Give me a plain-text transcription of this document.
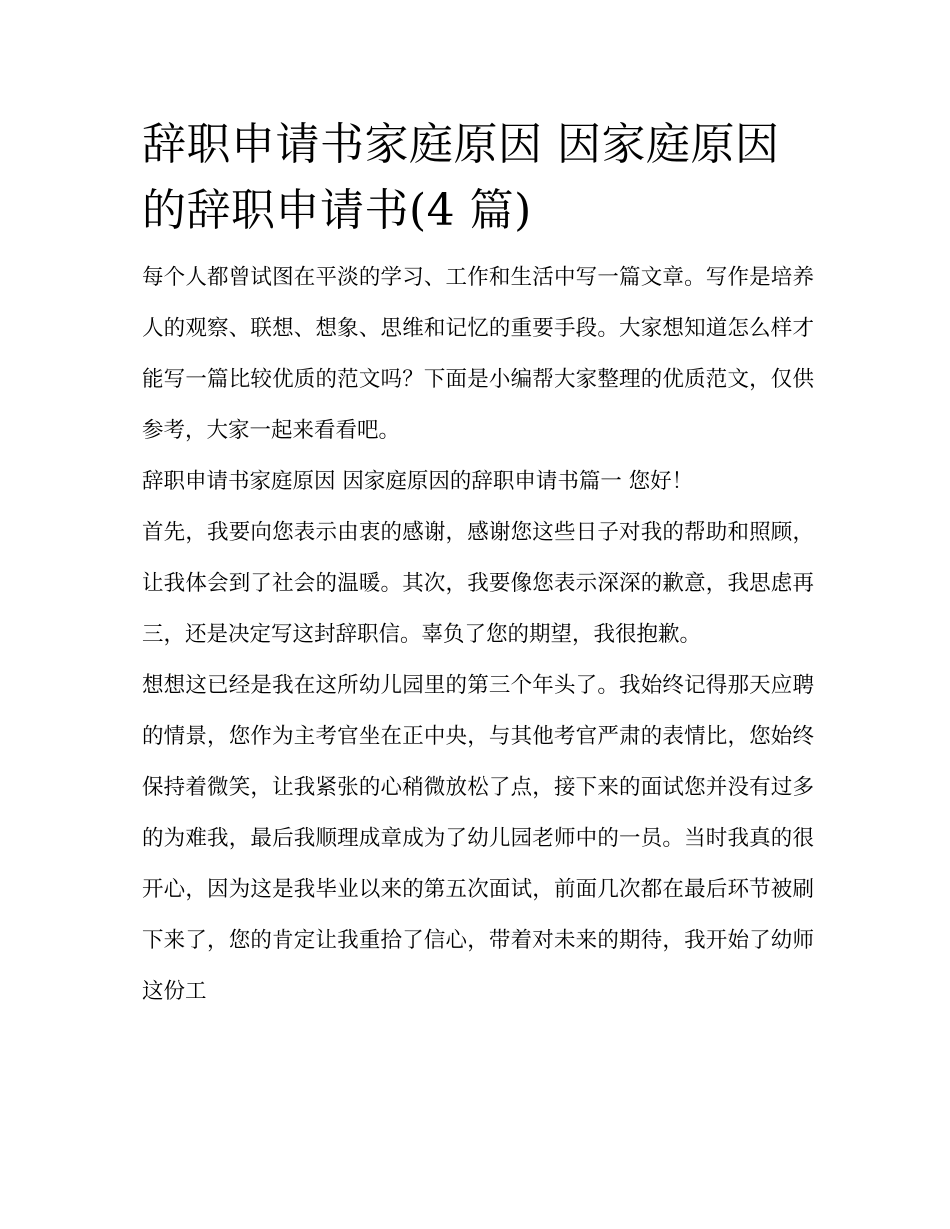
辞职申请书家庭原因 因家庭原因的辞职申请书(4 篇)

每个人都曾试图在平淡的学习、工作和生活中写一篇文章。写作是培养人的观察、联想、想象、思维和记忆的重要手段。大家想知道怎么样才能写一篇比较优质的范文吗？下面是小编帮大家整理的优质范文，仅供参考，大家一起来看看吧。

辞职申请书家庭原因 因家庭原因的辞职申请书篇一 您好！

首先，我要向您表示由衷的感谢，感谢您这些日子对我的帮助和照顾，让我体会到了社会的温暖。其次，我要像您表示深深的歉意，我思虑再三，还是决定写这封辞职信。辜负了您的期望，我很抱歉。

想想这已经是我在这所幼儿园里的第三个年头了。我始终记得那天应聘的情景，您作为主考官坐在正中央，与其他考官严肃的表情比，您始终保持着微笑，让我紧张的心稍微放松了点，接下来的面试您并没有过多的为难我，最后我顺理成章成为了幼儿园老师中的一员。当时我真的很开心，因为这是我毕业以来的第五次面试，前面几次都在最后环节被刷下来了，您的肯定让我重拾了信心，带着对未来的期待，我开始了幼师这份工
